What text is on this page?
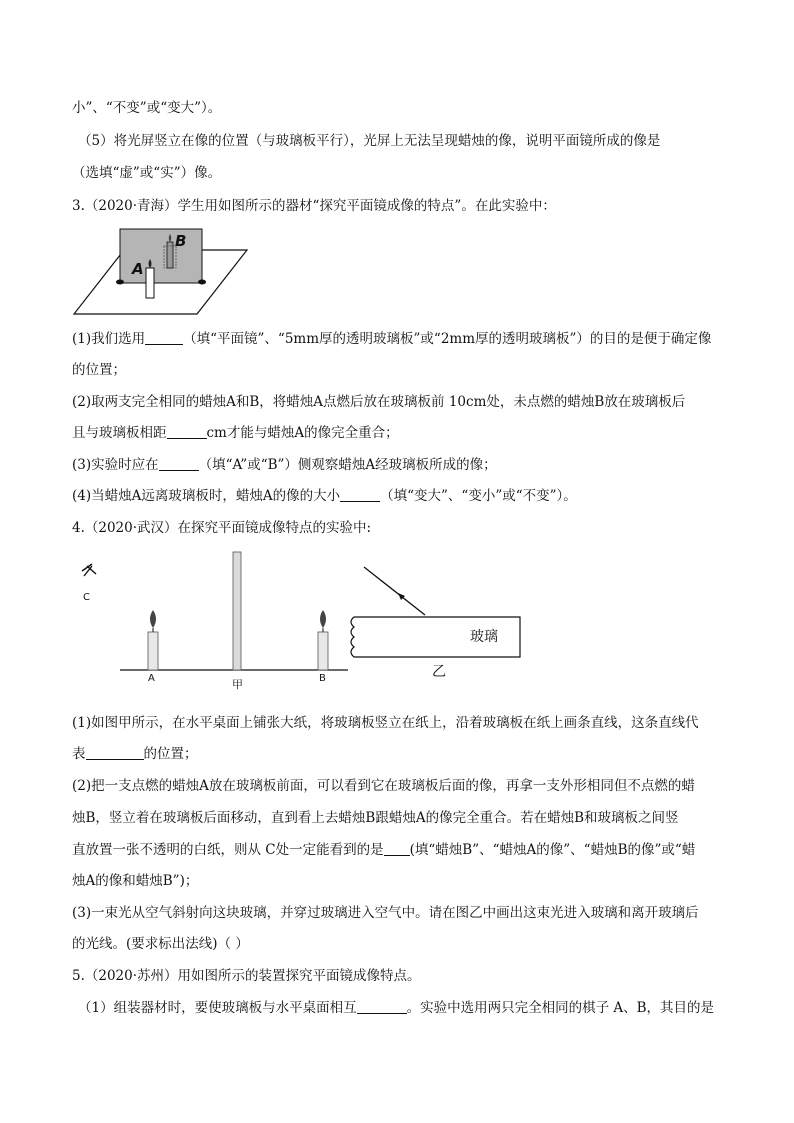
小”、“不变”或“变大”）。
（5）将光屏竖立在像的位置（与玻璃板平行），光屏上无法呈现蜡烛的像，说明平面镜所成的像是
（选填“虚”或“实”）像。
3.（2020·青海）学生用如图所示的器材“探究平面镜成像的特点”。在此实验中：
A
B
(1)我们选用	（填“平面镜”、“5mm厚的透明玻璃板”或“2mm厚的透明玻璃板”）的目的是便于确定像
的位置；
(2)取两支完全相同的蜡烛A和B，将蜡烛A点燃后放在玻璃板前 10cm处，未点燃的蜡烛B放在玻璃板后
且与玻璃板相距	cm才能与蜡烛A的像完全重合；
(3)实验时应在	（填“A”或“B”）侧观察蜡烛A经玻璃板所成的像；
(4)当蜡烛A远离玻璃板时，蜡烛A的像的大小	（填“变大”、“变小”或“不变”）。
4.（2020·武汉）在探究平面镜成像特点的实验中:
C
A	甲	B
玻璃
乙
(1)如图甲所示，在水平桌面上铺张大纸，将玻璃板竖立在纸上，沿着玻璃板在纸上画条直线，这条直线代
表	的位置；
(2)把一支点燃的蜡烛A放在玻璃板前面，可以看到它在玻璃板后面的像，再拿一支外形相同但不点燃的蜡
烛B，竖立着在玻璃板后面移动，直到看上去蜡烛B跟蜡烛A的像完全重合。若在蜡烛B和玻璃板之间竖
直放置一张不透明的白纸，则从 C处一定能看到的是 (填“蜡烛B”、“蜡烛A的像”、“蜡烛B的像”或“蜡
烛A的像和蜡烛B”)；
(3)一束光从空气斜射向这块玻璃，并穿过玻璃进入空气中。请在图乙中画出这束光进入玻璃和离开玻璃后
的光线。(要求标出法线)（ ）
5.（2020·苏州）用如图所示的装置探究平面镜成像特点。
（1）组装器材时，要使玻璃板与水平桌面相互	。实验中选用两只完全相同的棋子 A、B，其目的是
